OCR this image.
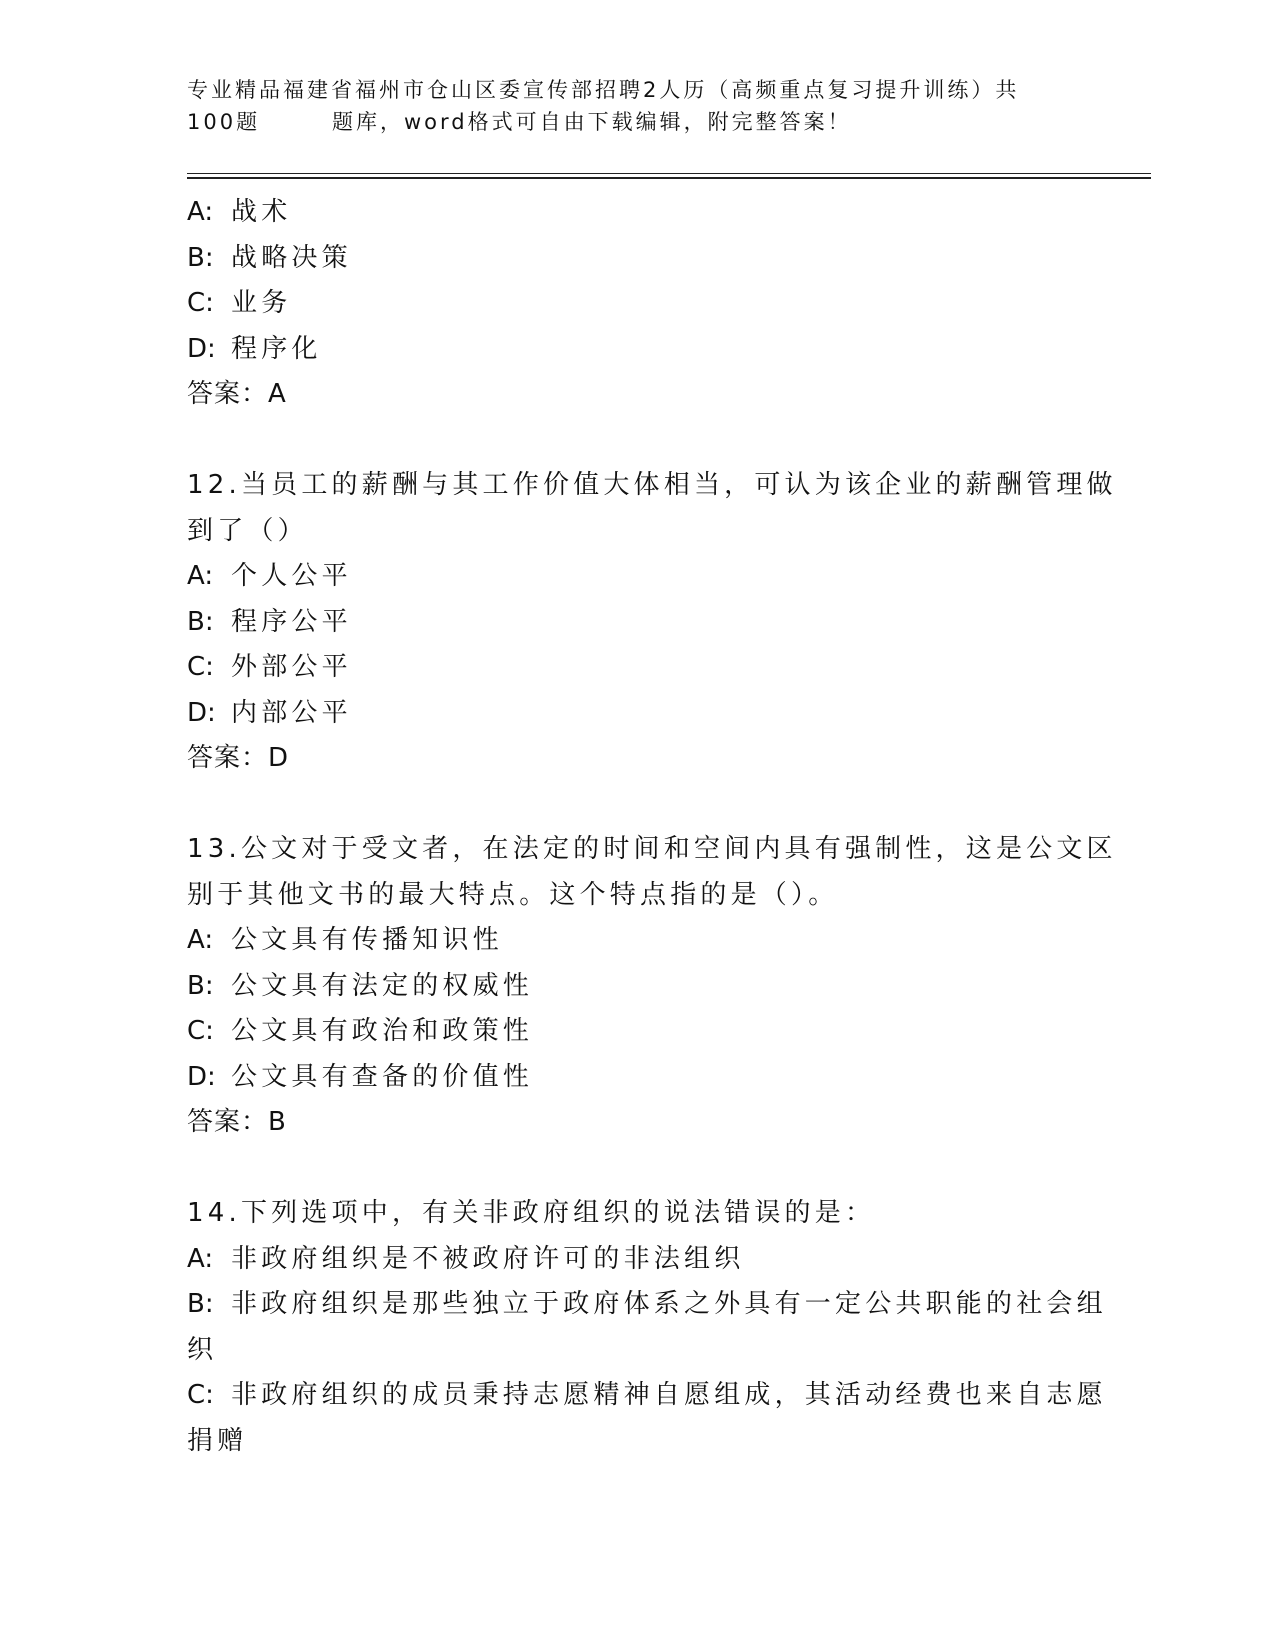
专业精品福建省福州市仓山区委宣传部招聘2人历（高频重点复习提升训练）共
100题	题库，word格式可自由下载编辑，附完整答案！
A: 战术
B: 战略决策
C: 业务
D: 程序化
答案：A
12.当员工的薪酬与其工作价值大体相当，可认为该企业的薪酬管理做
到了（）
A: 个人公平
B: 程序公平
C: 外部公平
D: 内部公平
答案：D
13.公文对于受文者，在法定的时间和空间内具有强制性，这是公文区
别于其他文书的最大特点。这个特点指的是（）。
A: 公文具有传播知识性
B: 公文具有法定的权威性
C: 公文具有政治和政策性
D: 公文具有查备的价值性
答案：B
14.下列选项中，有关非政府组织的说法错误的是：
A: 非政府组织是不被政府许可的非法组织
B: 非政府组织是那些独立于政府体系之外具有一定公共职能的社会组
织
C: 非政府组织的成员秉持志愿精神自愿组成，其活动经费也来自志愿
捐赠
